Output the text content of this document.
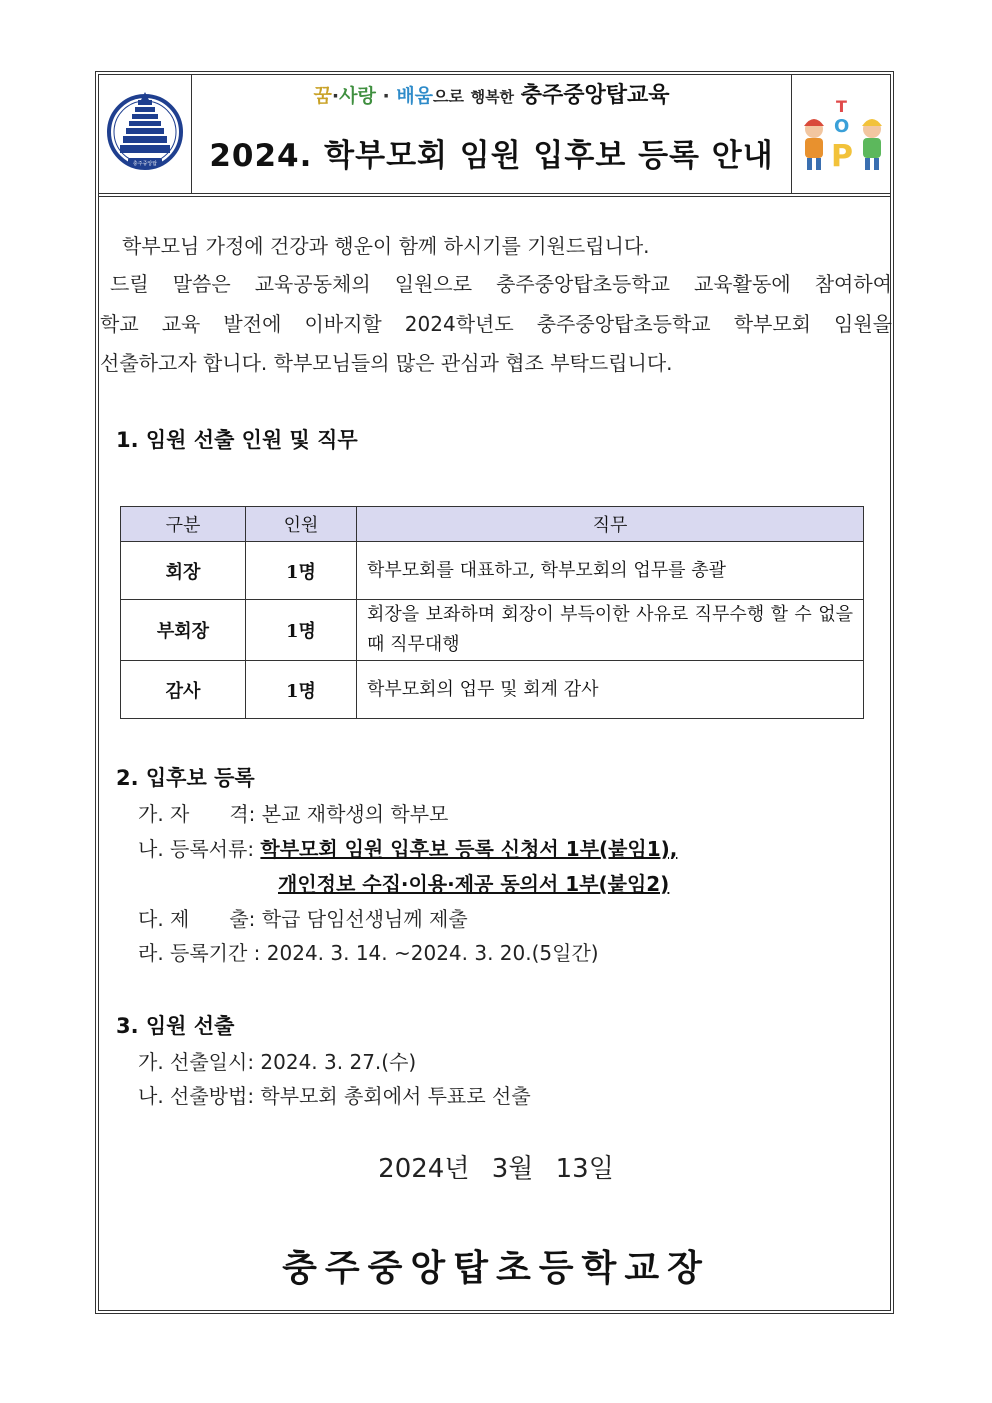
충주중앙탑
꿈·사랑 · 배움으로 행복한 충주중앙탑교육
2024. 학부모회 임원 입후보 등록 안내
T
O
P
학부모님 가정에 건강과 행운이 함께 하시기를 기원드립니다.
드릴 말씀은 교육공동체의 일원으로 충주중앙탑초등학교 교육활동에 참여하여
학교 교육 발전에 이바지할 2024학년도 충주중앙탑초등학교 학부모회 임원을
선출하고자 합니다. 학부모님들의 많은 관심과 협조 부탁드립니다.
1. 임원 선출 인원 및 직무
구분	인원	직무
회장	1명	학부모회를 대표하고, 학부모회의 업무를 총괄
부회장	1명	회장을 보좌하며 회장이 부득이한 사유로 직무수행 할 수 없을 때 직무대행
감사	1명	학부모회의 업무 및 회계 감사
2. 입후보 등록
가. 자　　격: 본교 재학생의 학부모
나. 등록서류: 학부모회 임원 입후보 등록 신청서 1부(붙임1),
개인정보 수집·이용·제공 동의서 1부(붙임2)
다. 제　　출: 학급 담임선생님께 제출
라. 등록기간 : 2024. 3. 14. ~2024. 3. 20.(5일간)
3. 임원 선출
가. 선출일시: 2024. 3. 27.(수)
나. 선출방법: 학부모회 총회에서 투표로 선출
2024년 3월 13일
충주중앙탑초등학교장
